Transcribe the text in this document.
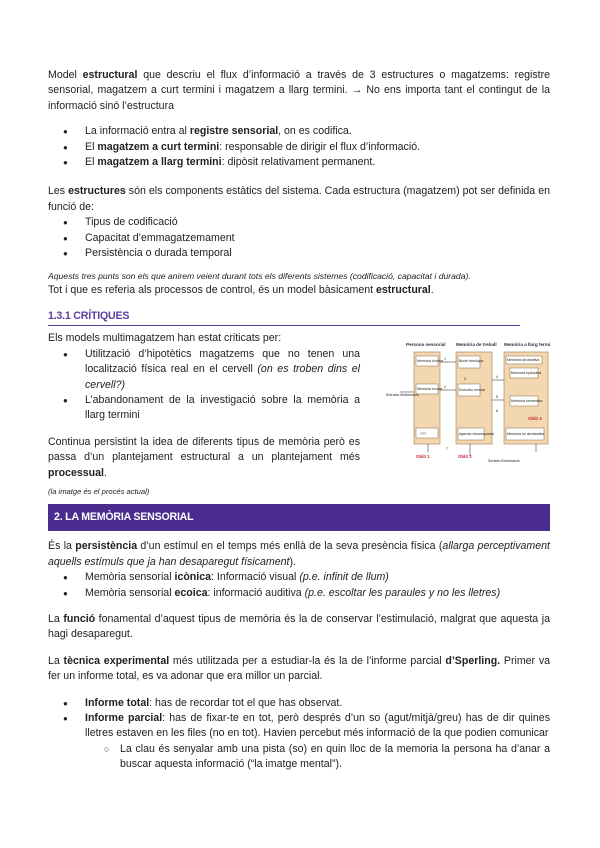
Model estructural que descriu el flux d’informació a través de 3 estructures o magatzems: registre sensorial, magatzem a curt termini i magatzem a llarg termini. → No ens importa tant el contingut de la informació sinó l’estructura

● La informació entra al registre sensorial, on es codifica.
● El magatzem a curt termini: responsable de dirigir el flux d’informació.
● El magatzem a llarg termini: dipòsit relativament permanent.

Les estructures són els components estàtics del sistema. Cada estructura (magatzem) pot ser definida en funció de:

● Tipus de codificació
● Capacitat d’emmagatzemament
● Persistència o durada temporal

Aquests tres punts son els que anirem veient durant tots els diferents sistemes (codificació, capacitat i durada).

Tot i que es referia als processos de control, és un model bàsicament estructural.

1.3.1 CRÍTIQUES

Els models multimagatzem han estat criticats per:

● Utilització d’hipotètics magatzems que no tenen una localització física real en el cervell (on es troben dins el cervell?)
● L’abandonament de la investigació sobre la memòria a llarg termini

Continua persistint la idea de diferents tipus de memòria però es passa d’un plantejament estructural a un plantejament més processual.

(la imatge és el procés actual)

Persona sensorial Memòria de treball Memòria a llarg termini
Memòria icònica
Memòria ecoica
???
Bucle fonològic
Executiu central
Agenda visuoespacial
Memòria declarativa
Memòria episòdica
Memòria semàntica
Memòria no declarativa
Entrada d'informació
Sortida d'informació
Oblit 1	Oblit 2
Oblit 3
1
2
3	4
5
6
7
2. LA MEMÒRIA SENSORIAL

És la persistència d’un estímul en el temps més enllà de la seva presència física (allarga perceptivament aquells estímuls que ja han desaparegut físicament).

● Memòria sensorial icònica: Informació visual (p.e. infinit de llum)
● Memòria sensorial ecoica: informació auditiva (p.e. escoltar les paraules y no les lletres)

La funció fonamental d’aquest tipus de memòria és la de conservar l’estimulació, malgrat que aquesta ja hagi desaparegut.

La tècnica experimental més utilitzada per a estudiar-la és la de l’informe parcial d’Sperling. Primer va fer un informe total, es va adonar que era millor un parcial.

● Informe total: has de recordar tot el que has observat.
● Informe parcial: has de fixar-te en tot, però després d’un so (agut/mitjà/greu) has de dir quines lletres estaven en les files (no en tot). Havien percebut més informació de la que podien comunicar
○ La clau és senyalar amb una pista (so) en quin lloc de la memoria la persona ha d’anar a buscar aquesta informació (“la imatge mental”).
